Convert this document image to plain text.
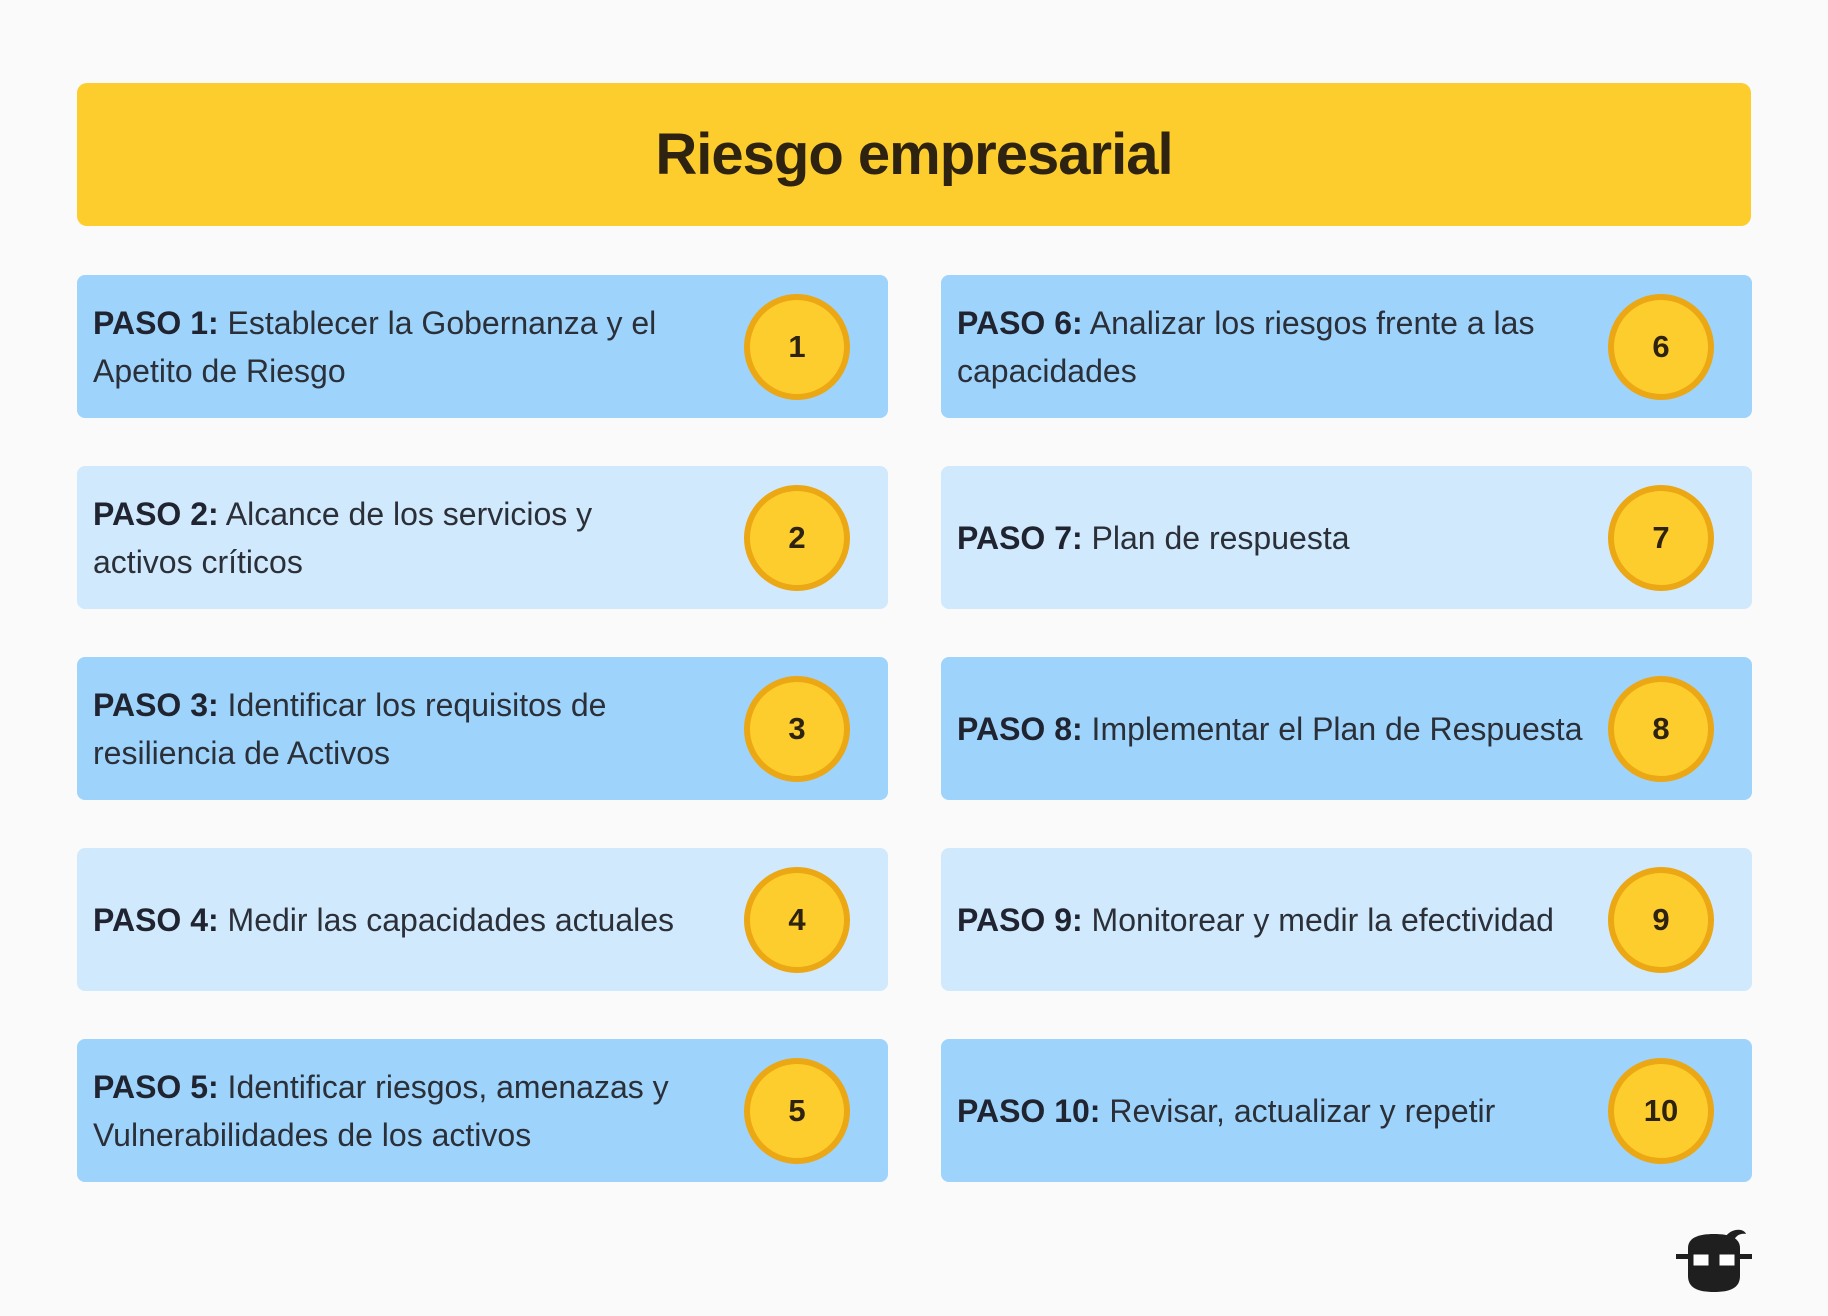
Riesgo empresarial
PASO 1: Establecer la Gobernanza y el Apetito de Riesgo
1
PASO 2: Alcance de los servicios y activos críticos
2
PASO 3: Identificar los requisitos de resiliencia de Activos
3
PASO 4: Medir las capacidades actuales	4
PASO 5: Identificar riesgos, amenazas y Vulnerabilidades de los activos
5
PASO 6: Analizar los riesgos frente a las capacidades
6
PASO 7: Plan de respuesta	7
PASO 8: Implementar el Plan de Respuesta	8
PASO 9: Monitorear y medir la efectividad	9
PASO 10: Revisar, actualizar y repetir	10
